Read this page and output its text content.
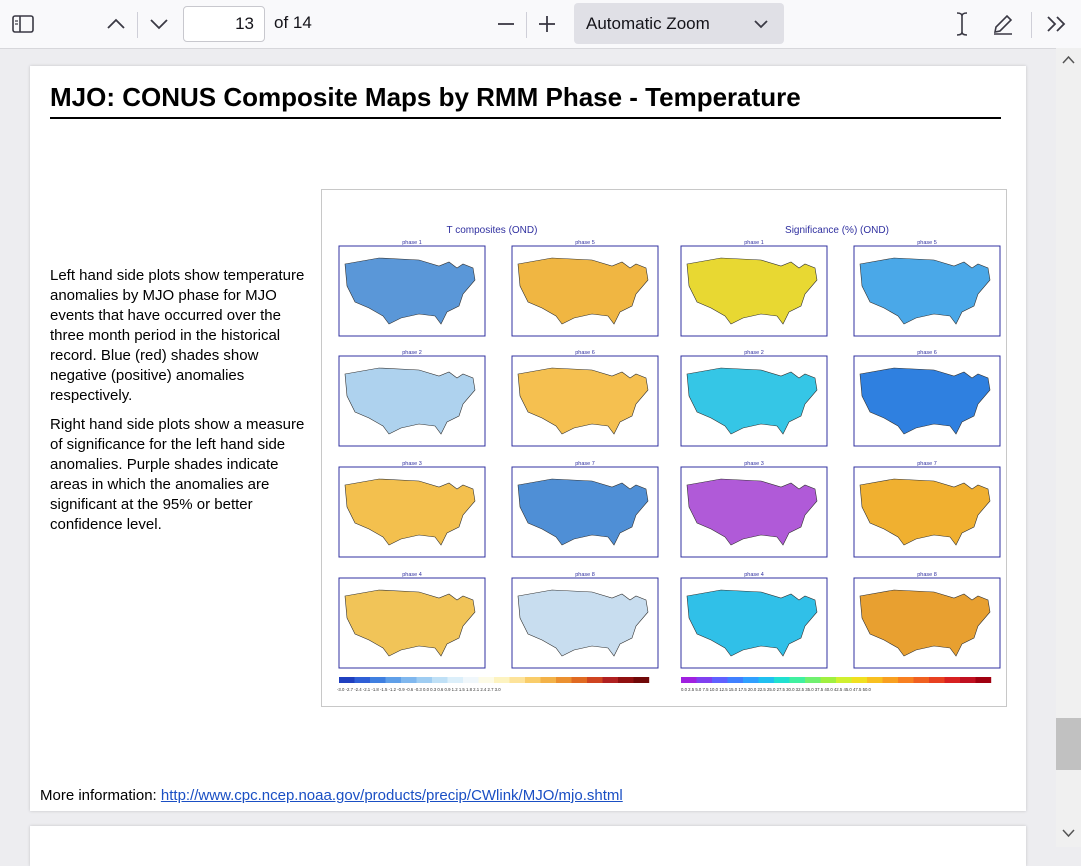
13	of 14	Automatic Zoom
MJO: CONUS Composite Maps by RMM Phase - Temperature

Left hand side plots show temperature anomalies by MJO phase for MJO events that have occurred over the three month period in the historical record. Blue (red) shades show negative (positive) anomalies respectively.

Right hand side plots show a measure of significance for the left hand side anomalies. Purple shades indicate areas in which the anomalies are significant at the 95% or better confidence level.

T composites (OND)	Significance (%) (OND)
phase 1	phase 5	phase 1	phase 5
phase 2	phase 6	phase 2	phase 6
phase 3	phase 7	phase 3	phase 7
phase 4	phase 8	phase 4	phase 8
-3.0 -2.7 -2.4 -2.1 -1.8 -1.5 -1.2 -0.9 -0.6 -0.3 0.0 0.3 0.6 0.9 1.2 1.5 1.8 2.1 2.4 2.7 3.0	0.0 2.5 5.0 7.5 10.0 12.5 15.0 17.5 20.0 22.5 25.0 27.5 30.0 32.5 35.0 37.5 40.0 42.5 45.0 47.5 50.0
More information: http://www.cpc.ncep.noaa.gov/products/precip/CWlink/MJO/mjo.shtml
